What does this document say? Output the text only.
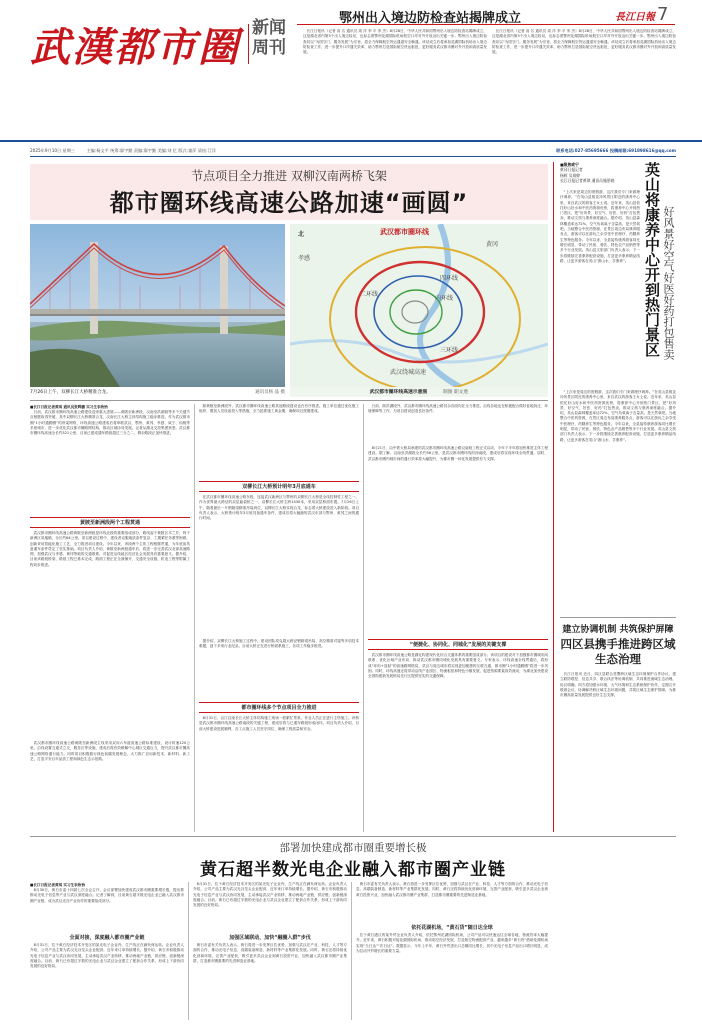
武漢都市圈 新闻
周刊
鄂州出入境边防检查站揭牌成立	長江日報 7
长江日报讯（记者 高 名 通讯员 周 洋 李 平 李 杰）8月28日，中华人民共和国鄂州出入境边防检查站揭牌成立，这是湖北省内第5个出入境边检站，也标志着鄂州花湖国际机场航空口岸对外开放迈出关键一步。鄂州出入境边防检查站以“为国守门、服务发展”为宗旨，将全力保障航空货运通道安全畅通。该站成立后将承担花湖国际机场出入境边防检查工作，进一步提升口岸通关效率，助力鄂州打造国际航空货运枢纽，更好服务武汉都市圈对外开放和高质量发展。
长江日报讯（记者 高 名 通讯员 周 洋 李 平 李 杰）8月28日，中华人民共和国鄂州出入境边防检查站揭牌成立，这是湖北省内第5个出入境边检站，也标志着鄂州花湖国际机场航空口岸对外开放迈出关键一步。鄂州出入境边防检查站以“为国守门、服务发展”为宗旨，将全力保障航空货运通道安全畅通。该站成立后将承担花湖国际机场出入境边防检查工作，进一步提升口岸通关效率，助力鄂州打造国际航空货运枢纽，更好服务武汉都市圈对外开放和高质量发展。
2025年9月10日 星期三	主编:杨文平 统筹:廖宇勤 责编:廖宇勤 美编:刘 忆 版式:童萍 质检:江洋	联系电话:027-85695666 投稿邮箱:691898616@qq.com
节点项目全力推进 双柳汉南两桥飞架
都市圈环线高速公路加速“画圆”
7月26日上午，双柳长江大桥精准合龙。	通讯员杨 晶 摄
武汉都市圈环线
孝感
黄冈
四环线
二环线
内环线
三环线
武汉绕城高速
北
武汉都市圈环线高速示意图	制图 职文胜
■长江日报记者黄琪 通讯员张辉鹏 实习生李欣怡
日前，武汉都市圈环线高速公路建设迎来重大进展——黄陂至新洲段、汉南至洪湖段等多个关键节点相继取得突破，其中双柳长江大桥精准合龙，汉南长江大桥主体结构施工稳步推进。作为武汉都市圈“1小时通勤圈”的骨架网络，环线高速公路建成后将串联武汉、鄂州、黄冈、孝感、咸宁、仙桃等多座城市，进一步优化武汉都市圈路网结构，推动区域协同发展。记者从湖北交投集团获悉，武汉都市圈环线高速全长约521公里，目前已建成通车路段超过三分之二，剩余路段正加快推进。
黄陂至新洲段两个工程贯通
武汉都市圈环线高速公路黄陂至新洲段是环线北段的重要组成部分，路线起于黄陂区木兰乡，终于新洲区凤凰镇，全长约64公里。项目建设过程中，建设者克服地质条件复杂、工期紧任务重等困难，创新采用智能化施工工艺，全力推进项目建设。今年以来，该段两个主体工程相继贯通，为年底前具备通车条件奠定了坚实基础。项目负责人介绍，黄陂至新洲段通车后，将进一步完善武汉北部高速路网，加强武汉与孝感、黄冈等地的交通联系，对促进沿线地区经济社会发展具有重要意义。据介绍，目前该路段桥梁、路基工程已基本完成，路面工程正在全面铺开，交通安全设施、机电工程等附属工程同步推进。
武汉都市圈环线高速公路黄陂至新洲段主线采用双向六车道高速公路标准建设，设计时速120公里。沿线设置互通式立交、服务区等设施，建成后将有效缓解中心城区交通压力，提升武汉都市圈高速公路网络通行能力。同时项目积极践行绿色低碳发展理念，大力推广应用新技术、新材料、新工艺，打造平安百年品质工程和绿色生态示范路。
除黄陂至新洲段外，武汉都市圈环线高速公路其他路段建设也在有序推进。施工单位通过优化施工组织、增加人员设备投入等措施，全力抢抓施工黄金期，确保项目按期建成。
双柳长江大桥预计明年3月底通车
在武汉都市圈环线高速公路东段，连接武汉新洲区与鄂州的双柳长江大桥是全线控制性工程之一。作为世界最大跨径的双层悬索桥之一，双柳长江大桥主跨1430米，采用双层桥面布置。7月26日上午，随着最后一片钢箱梁精准吊装到位，双柳长江大桥实现合龙，标志着大桥建设进入新阶段。项目负责人表示，大桥预计明年3月底具备通车条件，建成后将大幅缩短武汉东部与鄂州、黄冈之间的通行时间。
据介绍，双柳长江大桥施工过程中，建设团队攻克超大跨径钢箱梁吊装、高空精准对接等多项技术难题，创下多项行业纪录。目前大桥正在进行桥面系施工，各项工作稳步推进。
都市圈环线多个节点项目全力推进
8月31日，汉江汉南长江大桥主体结构施工现场一派繁忙景象，作业人员正在进行主塔施工。该桥是武汉都市圈环线高速公路南段的关键工程，建成后将与已通车路段形成闭环。项目负责人介绍，目前大桥建设进展顺利，各工点施工人员坚守岗位，确保工程质量和安全。
日前，除洪湖段外，武汉都市圈环线高速公路其余各段均在全力推进。沿线各地也在积极配合做好征地拆迁、环境保障等工作，为项目建设创造良好条件。
8月21日，由中铁大桥局承建的武汉都市圈环线高速公路汉南段工程正式启动，今年下半年将加快推进主体工程建设。据了解，汉南至洪湖段全长约56公里，是武汉都市圈环线的西南段，建成后将实现环线全线贯通。届时，武汉都市圈内城市间的通行效率将大幅提升，为都市圈一体化发展提供有力支撑。
“便捷化、协同化、同城化”发展的关键支撑
武汉都市圈环线高速公路是湖北构建现代化综合交通体系的重要组成部分。该项目的建设对于加强都市圈城市间联系、优化区域产业布局、推动武汉都市圈同城化发展具有重要意义。专家表示，环线高速全线贯通后，将形成“环形+放射”的高速路网格局，武汉与周边城市将实现更加便捷的互联互通，都市圈“1小时通勤圈”将进一步巩固。同时，环线高速还将带动沿线产业园区、物流枢纽和特色小镇发展，促进资源要素高效流动，为湖北加快建设全国构建新发展格局先行区提供坚实的交通保障。
■聚焦咸宁
黄冈日报记者
杨辉 吴翊婷
长江日报记者黄琪 通讯员施景晓	英山将康养中心开到热门景区 好风景好空气好医好药打包售卖
“上次来是周边的度假游，这次我们专门来做理疗调养。”在英山县桃花冲风景区附近的康养中心里，来自武汉的游客王女士说。近年来，英山县依托好山好水和中医药资源优势，将康养中心开到热门景区，把“好风景、好空气、好医、好药”打包售卖，推动文旅与康养深度融合。据介绍，英山县森林覆盖率达72%，空气负氧离子含量高，是天然氧吧。当地整合中医药资源，在景区周边布局康养服务点，游客可以在游玩之余享受中医理疗、药膳养生等特色服务。今年以来，全县接待康养游客同比增长明显，带动了民宿、餐饮、特色农产品销售等多个行业发展。英山县文旅部门负责人表示，下一步将继续完善康养配套设施，打造更多康养精品线路，让更多游客在英山“游山水、享康养”。
“上次来是周边的度假游，这次我们专门来做理疗调养。”在英山县桃花冲风景区附近的康养中心里，来自武汉的游客王女士说。近年来，英山县依托好山好水和中医药资源优势，将康养中心开到热门景区，把“好风景、好空气、好医、好药”打包售卖，推动文旅与康养深度融合。据介绍，英山县森林覆盖率达72%，空气负氧离子含量高，是天然氧吧。当地整合中医药资源，在景区周边布局康养服务点，游客可以在游玩之余享受中医理疗、药膳养生等特色服务。今年以来，全县接待康养游客同比增长明显，带动了民宿、餐饮、特色农产品销售等多个行业发展。英山县文旅部门负责人表示，下一步将继续完善康养配套设施，打造更多康养精品线路，让更多游客在英山“游山水、享康养”。
建立协调机制 共筑保护屏障
四区县携手推进跨区域生态治理
长江日报讯 近日，四区县联合签署跨区域生态环境保护合作协议，建立联防联控、信息共享、联合执法等协调机制，共同推进流域生态治理。协议明确，四方将加强水环境、大气环境和生态系统保护协作，定期召开联席会议，协调解决跨区域生态环境问题，共筑区域生态保护屏障，为都市圈高质量发展提供良好生态支撑。
部署加快建成都市圈重要增长极
黄石超半数光电企业融入都市圈产业链
■长江日报记者黄琪 实习生李欣怡
8月30日，黄石市委十四届七次全会召开，会议部署加快建成武汉都市圈重要增长极，提出要推动光电子信息等产业与武汉深度融合。记者了解到，目前黄石超半数光电企业已融入武汉都市圈产业链，成为武汉光谷产业协作的重要组成部分。
全面对接，深度融入都市圈产业链
8月31日，位于黄石经济技术开发区的某光电子企业内，生产线正在满负荷运转。企业负责人介绍，公司产品主要为武汉光谷龙头企业配套，近年来订单持续增长。据介绍，黄石市积极推动光电子信息产业与武汉协同发展，主动承接武汉产业转移，推动两地产业链、供应链、创新链深度融合。目前，黄石已有超过半数的光电企业与武汉企业建立了配套合作关系，形成上下游协同发展的良好格局。
8月31日，位于黄石经济技术开发区的某光电子企业内，生产线正在满负荷运转。企业负责人介绍，公司产品主要为武汉光谷龙头企业配套，近年来订单持续增长。据介绍，黄石市积极推动光电子信息产业与武汉协同发展，主动承接武汉产业转移，推动两地产业链、供应链、创新链深度融合。目前，黄石已有超过半数的光电企业与武汉企业建立了配套合作关系，形成上下游协同发展的良好格局。
加强区域联动，加快“融圈入群”步伐
黄石市委有关负责人表示，黄石将进一步发挥区位优势，加强与武汉在产业、科技、人才等方面的合作，推动光电子信息、高端装备制造、新材料等产业集群化发展。同时，黄石还将持续优化营商环境，完善产业配套，吸引更多武汉企业到黄石投资兴业，加快融入武汉都市圈产业集群，打造都市圈重要的先进制造业基地。
黄石市委有关负责人表示，黄石将进一步发挥区位优势，加强与武汉在产业、科技、人才等方面的合作，推动光电子信息、高端装备制造、新材料等产业集群化发展。同时，黄石还将持续优化营商环境，完善产业配套，吸引更多武汉企业到黄石投资兴业，加快融入武汉都市圈产业集群，打造都市圈重要的先进制造业基地。
依托花湖机场，“黄石货”随日达全球
位于黄石港区的某外贸企业负责人介绍，依托鄂州花湖国际机场，公司产品可以快速运往全球各地，物流效率大幅提升。近年来，黄石积极对接花湖国际机场，推动临空经济发展，打造航空物流配套产业，越来越多“黄石货”借助花湖机场实现“当日达”“次日达”。数据显示，今年上半年，黄石外贸进出口总额同比增长，其中光电子信息产品出口增长明显，成为拉动外贸增长的重要力量。
